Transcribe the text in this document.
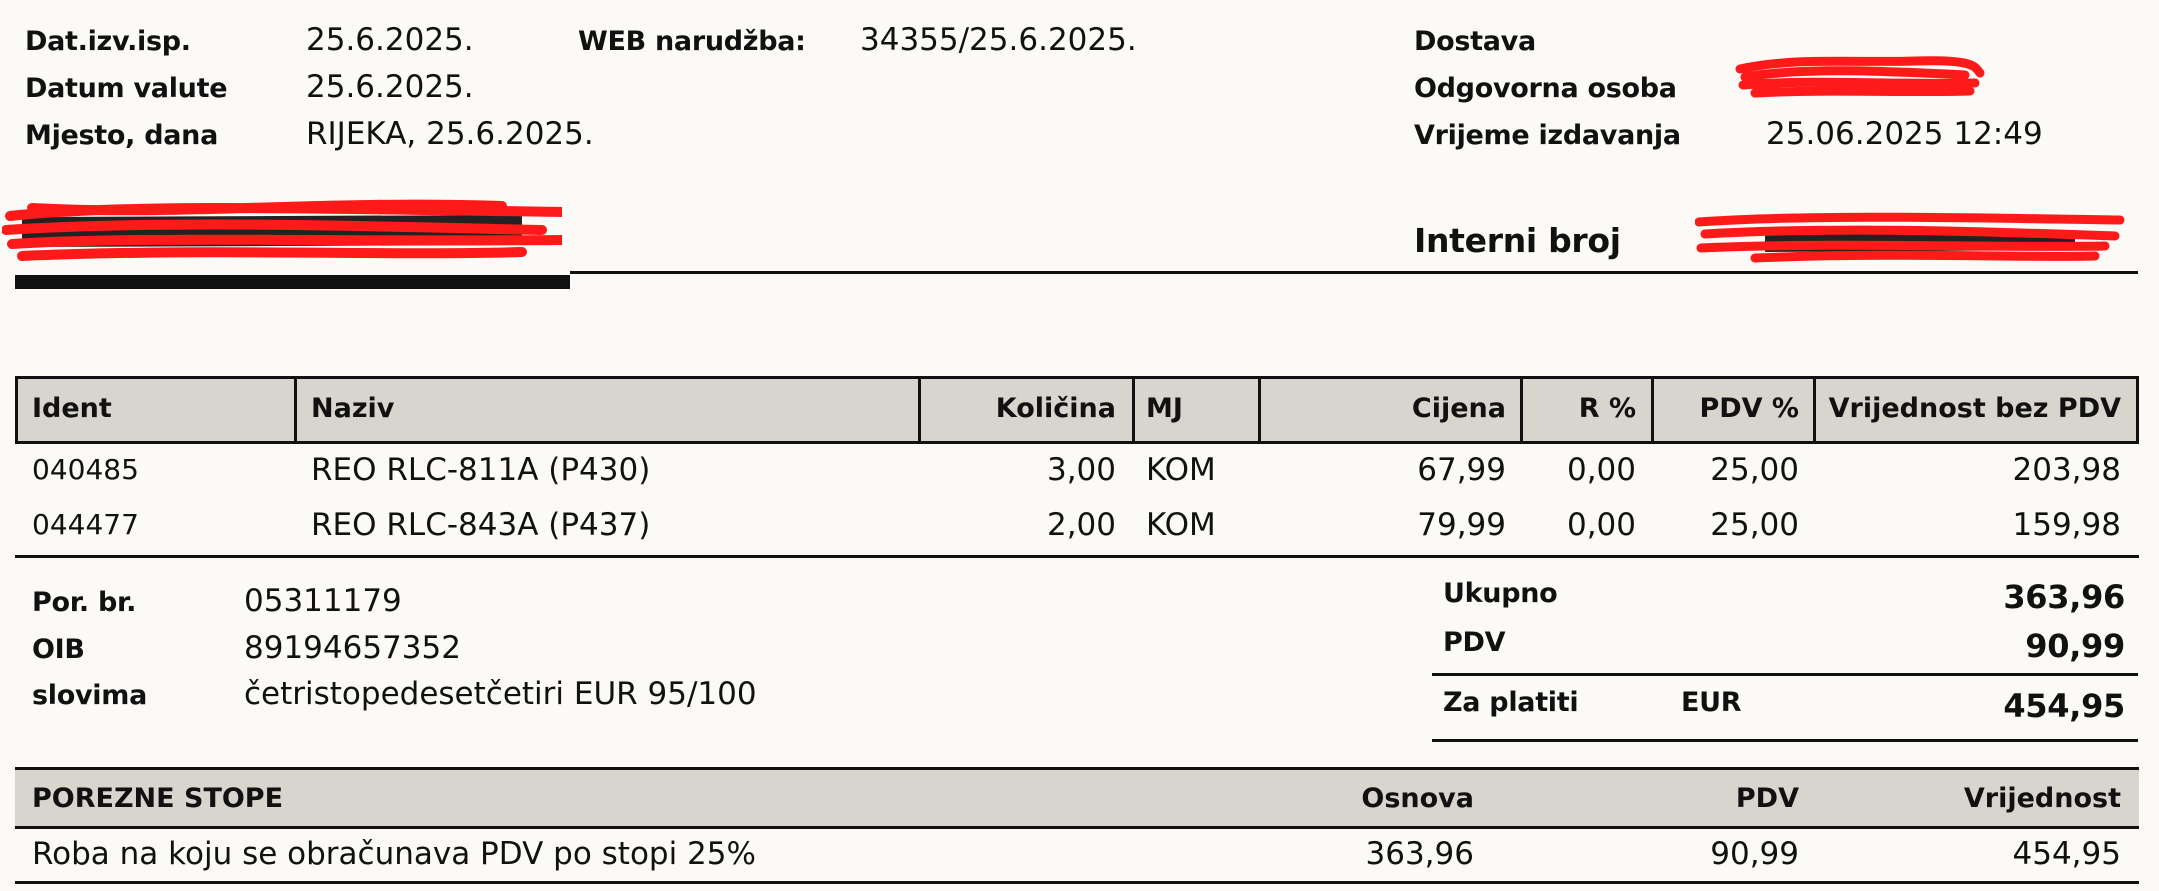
Dat.izv.isp.	25.6.2025.
Datum valute	25.6.2025.
Mjesto, dana	RIJEKA, 25.6.2025.
WEB narudžba: 34355/25.6.2025.	Dostava
Odgovorna osoba
Vrijeme izdavanja	25.06.2025 12:49
Interni broj
Ident	Naziv	Količina MJ	Cijena	R %	PDV %	Vrijednost bez PDV
040485	REO RLC-811A (P430)	3,00 KOM	67,99	0,00	25,00	203,98
044477	REO RLC-843A (P437)	2,00 KOM	79,99	0,00	25,00	159,98
Por. br.	05311179
OIB	89194657352
slovima	četristopedesetčetiri EUR 95/100
Ukupno	363,96
PDV	90,99
Za platiti	EUR	454,95
POREZNE STOPE	Osnova	PDV	Vrijednost
Roba na koju se obračunava PDV po stopi 25%	363,96	90,99	454,95
